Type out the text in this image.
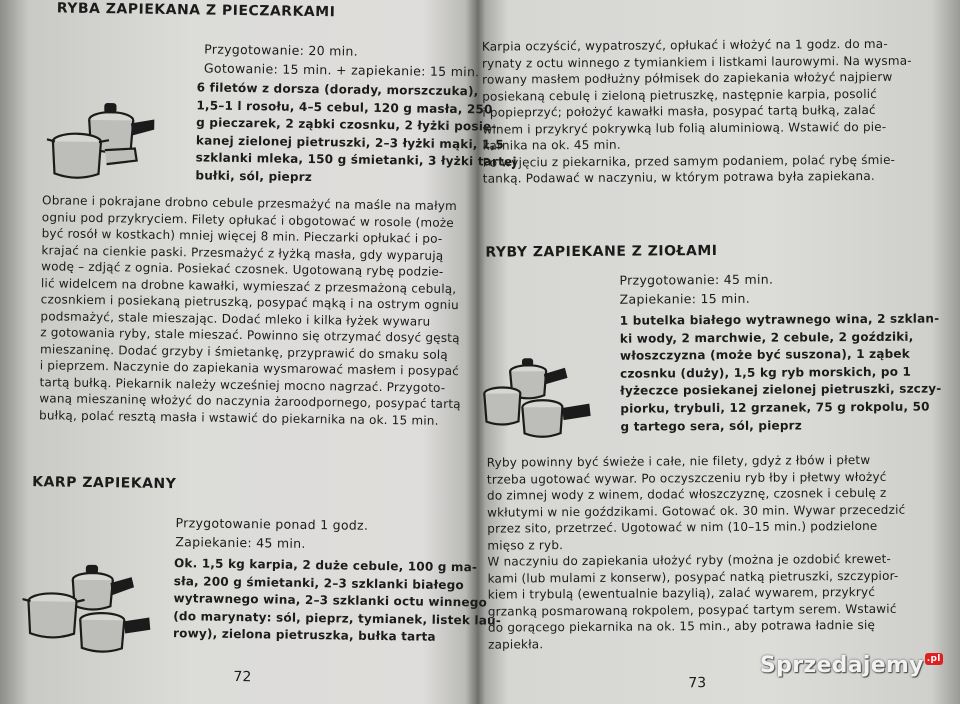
RYBA ZAPIEKANA Z PIECZARKAMI
Przygotowanie: 20 min.
Gotowanie: 15 min. + zapiekanie: 15 min.
6 filetów z dorsza (dorady, morszczuka),
1,5–1 l rosołu, 4–5 cebul, 120 g masła, 250
g pieczarek, 2 ząbki czosnku, 2 łyżki posie-
kanej zielonej pietruszki, 2–3 łyżki mąki, 1,5
szklanki mleka, 150 g śmietanki, 3 łyżki tartej
bułki, sól, pieprz
Obrane i pokrajane drobno cebule przesmażyć na maśle na małym
ogniu pod przykryciem. Filety opłukać i obgotować w rosole (może
być rosół w kostkach) mniej więcej 8 min. Pieczarki opłukać i po-
krajać na cienkie paski. Przesmażyć z łyżką masła, gdy wyparują
wodę – zdjąć z ognia. Posiekać czosnek. Ugotowaną rybę podzie-
lić widelcem na drobne kawałki, wymieszać z przesmażoną cebulą,
czosnkiem i posiekaną pietruszką, posypać mąką i na ostrym ogniu
podsmażyć, stale mieszając. Dodać mleko i kilka łyżek wywaru
z gotowania ryby, stale mieszać. Powinno się otrzymać dosyć gęstą
mieszaninę. Dodać grzyby i śmietankę, przyprawić do smaku solą
i pieprzem. Naczynie do zapiekania wysmarować masłem i posypać
tartą bułką. Piekarnik należy wcześniej mocno nagrzać. Przygoto-
waną mieszaninę włożyć do naczynia żaroodpornego, posypać tartą
bułką, polać resztą masła i wstawić do piekarnika na ok. 15 min.
KARP ZAPIEKANY
Przygotowanie ponad 1 godz.
Zapiekanie: 45 min.
Ok. 1,5 kg karpia, 2 duże cebule, 100 g ma-
sła, 200 g śmietanki, 2–3 szklanki białego
wytrawnego wina, 2–3 szklanki octu winnego
(do marynaty: sól, pieprz, tymianek, listek lau-
rowy), zielona pietruszka, bułka tarta
72
Karpia oczyścić, wypatroszyć, opłukać i włożyć na 1 godz. do ma-
rynaty z octu winnego z tymiankiem i listkami laurowymi. Na wysma-
rowany masłem podłużny półmisek do zapiekania włożyć najpierw
posiekaną cebulę i zieloną pietruszkę, następnie karpia, posolić
i popieprzyć; położyć kawałki masła, posypać tartą bułką, zalać
winem i przykryć pokrywką lub folią aluminiową. Wstawić do pie-
karnika na ok. 45 min.
Po wyjęciu z piekarnika, przed samym podaniem, polać rybę śmie-
tanką. Podawać w naczyniu, w którym potrawa była zapiekana.
RYBY ZAPIEKANE Z ZIOŁAMI
Przygotowanie: 45 min.
Zapiekanie: 15 min.
1 butelka białego wytrawnego wina, 2 szklan-
ki wody, 2 marchwie, 2 cebule, 2 goździki,
włoszczyzna (może być suszona), 1 ząbek
czosnku (duży), 1,5 kg ryb morskich, po 1
łyżeczce posiekanej zielonej pietruszki, szczy-
piorku, trybuli, 12 grzanek, 75 g rokpolu, 50
g tartego sera, sól, pieprz
Ryby powinny być świeże i całe, nie filety, gdyż z łbów i płetw
trzeba ugotować wywar. Po oczyszczeniu ryb łby i płetwy włożyć
do zimnej wody z winem, dodać włoszczyznę, czosnek i cebulę z
wkłutymi w nie goździkami. Gotować ok. 30 min. Wywar przecedzić
przez sito, przetrzeć. Ugotować w nim (10–15 min.) podzielone
mięso z ryb.
W naczyniu do zapiekania ułożyć ryby (można je ozdobić krewet-
kami (lub mulami z konserw), posypać natką pietruszki, szczypior-
kiem i trybulą (ewentualnie bazylią), zalać wywarem, przykryć
grzanką posmarowaną rokpolem, posypać tartym serem. Wstawić
do gorącego piekarnika na ok. 15 min., aby potrawa ładnie się
zapiekła.
73
Sprzedajemy .pl
